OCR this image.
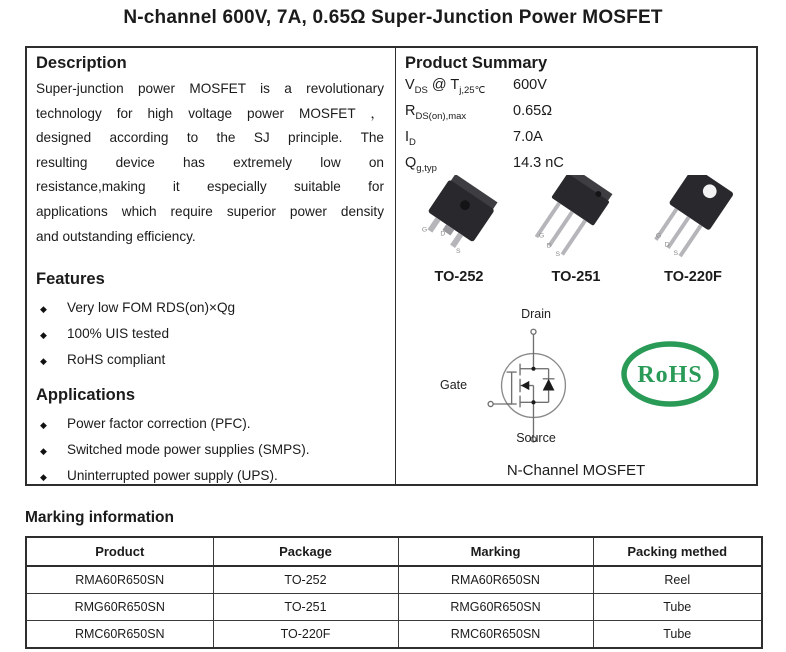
N-channel 600V, 7A, 0.65Ω Super-Junction Power MOSFET
Description
Super-junction power MOSFET is a revolutionary
technology for high voltage power MOSFET ，
designed according to the SJ principle. The
resulting device has extremely low on
resistance,making it especially suitable for
applications which require superior power density
and outstanding efficiency.
Features
◆	Very low FOM RDS(on)×Qg
◆	100% UIS tested
◆	RoHS compliant
Applications
◆	Power factor correction (PFC).
◆	Switched mode power supplies (SMPS).
◆	Uninterrupted power supply (UPS).
Product Summary
$V_{DS}$ @ $T_{j,25℃}$	600V
$R_{DS(on),max}$	0.65Ω
$I_D$	7.0A
$Q_{g,typ}$	14.3 nC
G
D
S
TO-252
G
D
S
TO-251
G
D
S
TO-220F
Drain
Gate
Source
RoHS
N-Channel MOSFET
Marking information
Product	Package	Marking	Packing methed
RMA60R650SN	TO-252	RMA60R650SN	Reel
RMG60R650SN	TO-251	RMG60R650SN	Tube
RMC60R650SN	TO-220F	RMC60R650SN	Tube
